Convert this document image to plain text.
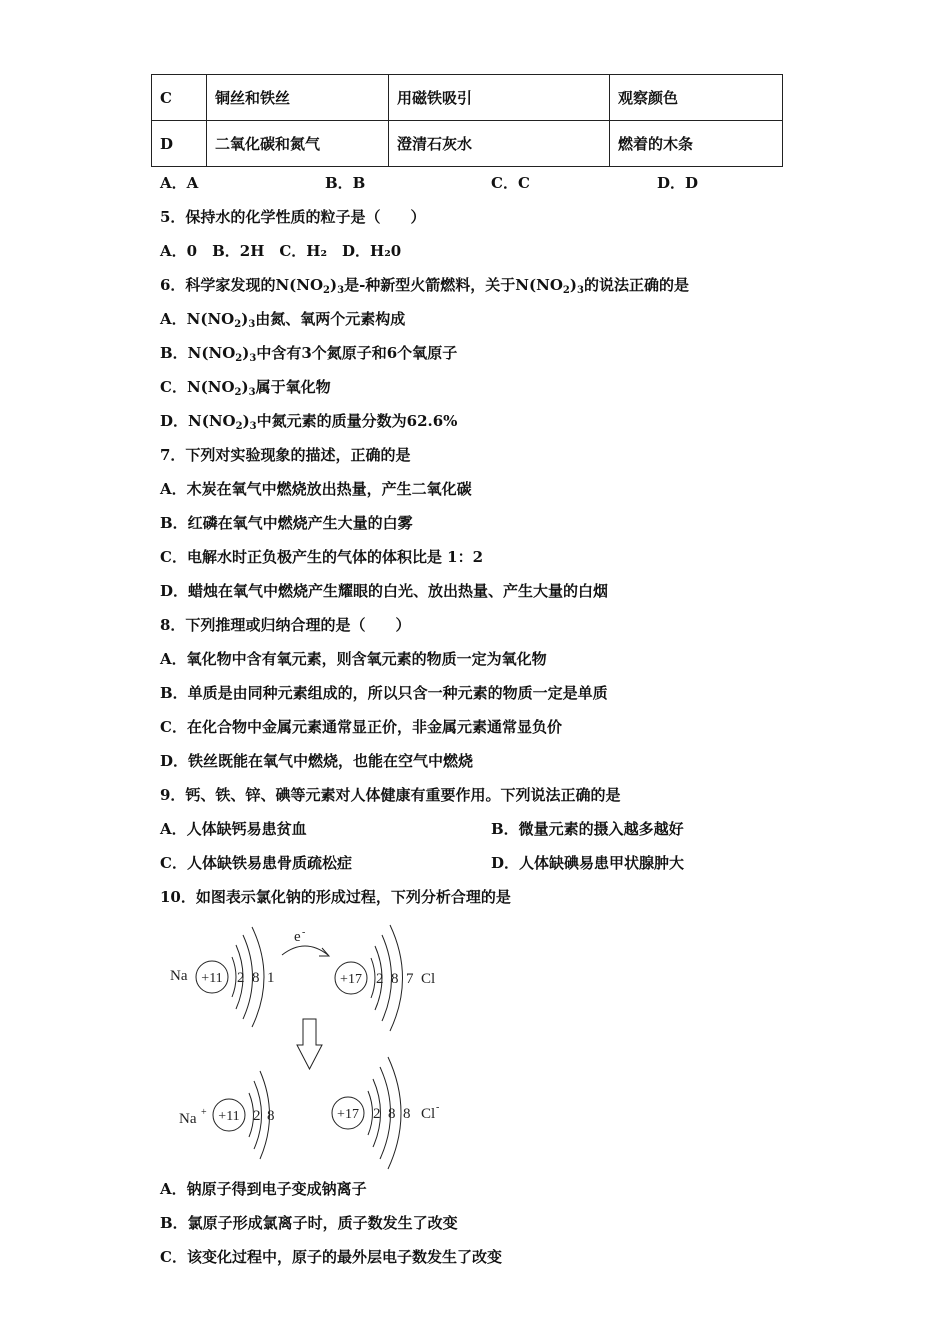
C	铜丝和铁丝	用磁铁吸引	观察颜色
D	二氧化碳和氮气	澄清石灰水	燃着的木条
A．A	B．B	C．C	D．D
5．保持水的化学性质的粒子是（　　）
A．0　B．2H　C．H₂　D．H₂0
6．科学家发现的$N(NO_2)_3$是-种新型火箭燃料，关于$N(NO_2)_3$的说法正确的是
A．$N(NO_2)_3$由氮、氧两个元素构成
B．$N(NO_2)_3$中含有3个氮原子和6个氧原子
C．$N(NO_2)_3$属于氧化物
D．$N(NO_2)_3$中氮元素的质量分数为62.6%
7．下列对实验现象的描述，正确的是
A．木炭在氧气中燃烧放出热量，产生二氧化碳
B．红磷在氧气中燃烧产生大量的白雾
C．电解水时正负极产生的气体的体积比是 1：2
D．蜡烛在氧气中燃烧产生耀眼的白光、放出热量、产生大量的白烟
8．下列推理或归纳合理的是（　　）
A．氧化物中含有氧元素，则含氧元素的物质一定为氧化物
B．单质是由同种元素组成的，所以只含一种元素的物质一定是单质
C．在化合物中金属元素通常显正价，非金属元素通常显负价
D．铁丝既能在氧气中燃烧，也能在空气中燃烧
9．钙、铁、锌、碘等元素对人体健康有重要作用。下列说法正确的是
A．人体缺钙易患贫血	B．微量元素的摄入越多越好
C．人体缺铁易患骨质疏松症	D．人体缺碘易患甲状腺肿大
10．如图表示氯化钠的形成过程，下列分析合理的是
Na +11 2 8 1
e -
+17 2 8 7 Cl
Na + +11 2 8	+17 2 8 8 Cl -
A．钠原子得到电子变成钠离子
B．氯原子形成氯离子时，质子数发生了改变
C．该变化过程中，原子的最外层电子数发生了改变
